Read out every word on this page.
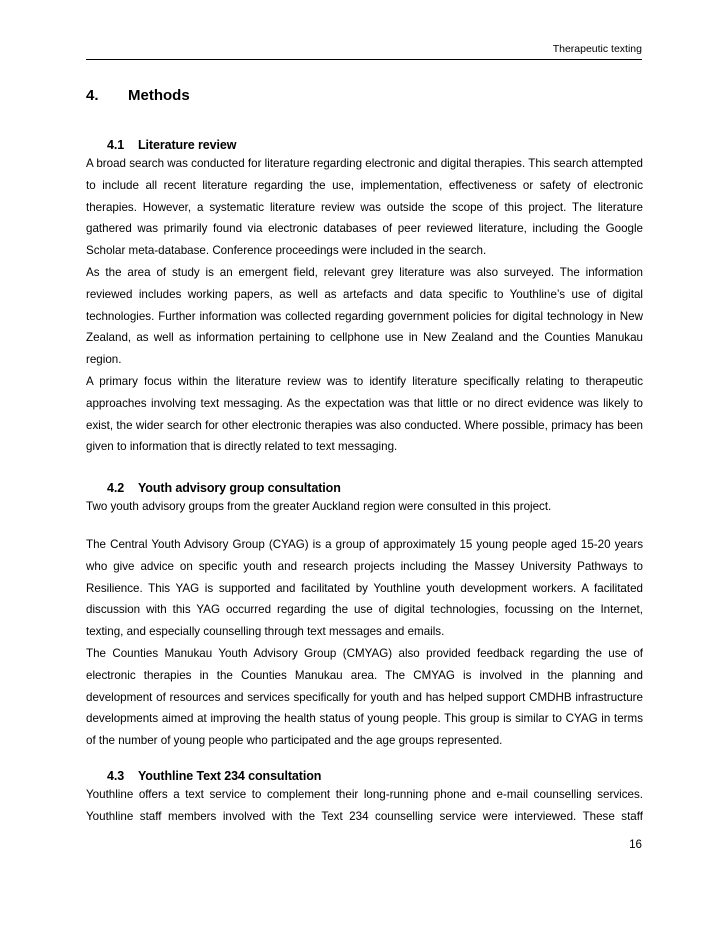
Therapeutic texting
4. Methods
4.1 Literature review

A broad search was conducted for literature regarding electronic and digital therapies. This search attempted to include all recent literature regarding the use, implementation, effectiveness or safety of electronic therapies. However, a systematic literature review was outside the scope of this project. The literature gathered was primarily found via electronic databases of peer reviewed literature, including the Google Scholar meta-database. Conference proceedings were included in the search.

As the area of study is an emergent field, relevant grey literature was also surveyed. The information reviewed includes working papers, as well as artefacts and data specific to Youthline’s use of digital technologies. Further information was collected regarding government policies for digital technology in New Zealand, as well as information pertaining to cellphone use in New Zealand and the Counties Manukau region.

A primary focus within the literature review was to identify literature specifically relating to therapeutic approaches involving text messaging. As the expectation was that little or no direct evidence was likely to exist, the wider search for other electronic therapies was also conducted. Where possible, primacy has been given to information that is directly related to text messaging.

4.2 Youth advisory group consultation

Two youth advisory groups from the greater Auckland region were consulted in this project.

The Central Youth Advisory Group (CYAG) is a group of approximately 15 young people aged 15-20 years who give advice on specific youth and research projects including the Massey University Pathways to Resilience. This YAG is supported and facilitated by Youthline youth development workers. A facilitated discussion with this YAG occurred regarding the use of digital technologies, focussing on the Internet, texting, and especially counselling through text messages and emails.

The Counties Manukau Youth Advisory Group (CMYAG) also provided feedback regarding the use of electronic therapies in the Counties Manukau area. The CMYAG is involved in the planning and development of resources and services specifically for youth and has helped support CMDHB infrastructure developments aimed at improving the health status of young people. This group is similar to CYAG in terms of the number of young people who participated and the age groups represented.

4.3 Youthline Text 234 consultation

Youthline offers a text service to complement their long-running phone and e-mail counselling services. Youthline staff members involved with the Text 234 counselling service were interviewed. These staff

16
